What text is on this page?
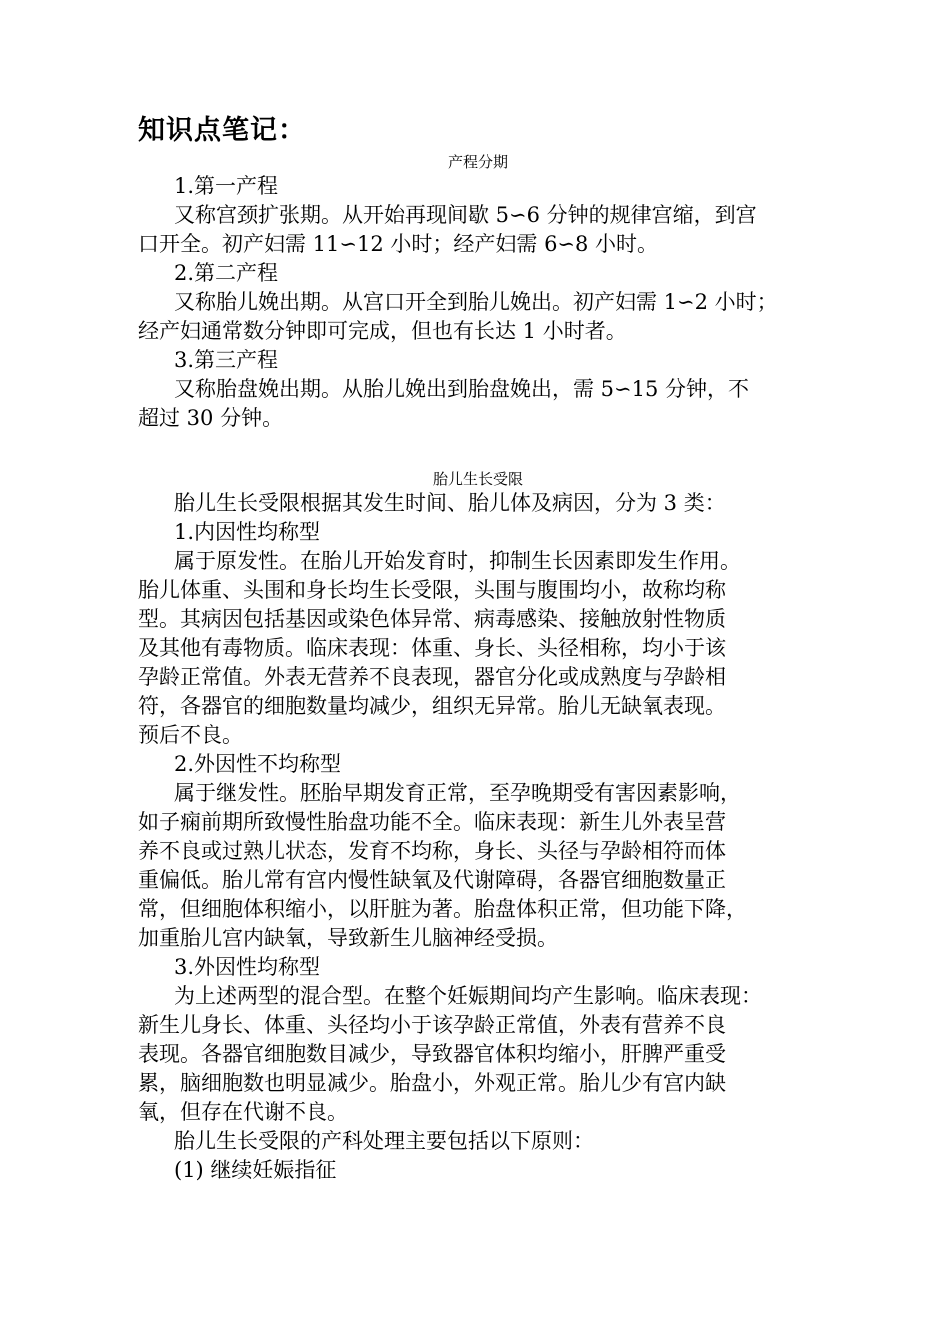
知识点笔记：
产程分期
1.第一产程
又称宫颈扩张期。从开始再现间歇 5∽6 分钟的规律宫缩，到宫
口开全。初产妇需 11∽12 小时；经产妇需 6∽8 小时。
2.第二产程
又称胎儿娩出期。从宫口开全到胎儿娩出。初产妇需 1∽2 小时；
经产妇通常数分钟即可完成，但也有长达 1 小时者。
3.第三产程
又称胎盘娩出期。从胎儿娩出到胎盘娩出，需 5∽15 分钟，不
超过 30 分钟。
胎儿生长受限
胎儿生长受限根据其发生时间、胎儿体及病因，分为 3 类：
1.内因性均称型
属于原发性。在胎儿开始发育时，抑制生长因素即发生作用。
胎儿体重、头围和身长均生长受限，头围与腹围均小，故称均称
型。其病因包括基因或染色体异常、病毒感染、接触放射性物质
及其他有毒物质。临床表现：体重、身长、头径相称，均小于该
孕龄正常值。外表无营养不良表现，器官分化或成熟度与孕龄相
符，各器官的细胞数量均减少，组织无异常。胎儿无缺氧表现。
预后不良。
2.外因性不均称型
属于继发性。胚胎早期发育正常，至孕晚期受有害因素影响，
如子痫前期所致慢性胎盘功能不全。临床表现：新生儿外表呈营
养不良或过熟儿状态，发育不均称，身长、头径与孕龄相符而体
重偏低。胎儿常有宫内慢性缺氧及代谢障碍，各器官细胞数量正
常，但细胞体积缩小，以肝脏为著。胎盘体积正常，但功能下降，
加重胎儿宫内缺氧，导致新生儿脑神经受损。
3.外因性均称型
为上述两型的混合型。在整个妊娠期间均产生影响。临床表现：
新生儿身长、体重、头径均小于该孕龄正常值，外表有营养不良
表现。各器官细胞数目减少，导致器官体积均缩小，肝脾严重受
累，脑细胞数也明显减少。胎盘小，外观正常。胎儿少有宫内缺
氧，但存在代谢不良。
胎儿生长受限的产科处理主要包括以下原则：
(1) 继续妊娠指征
